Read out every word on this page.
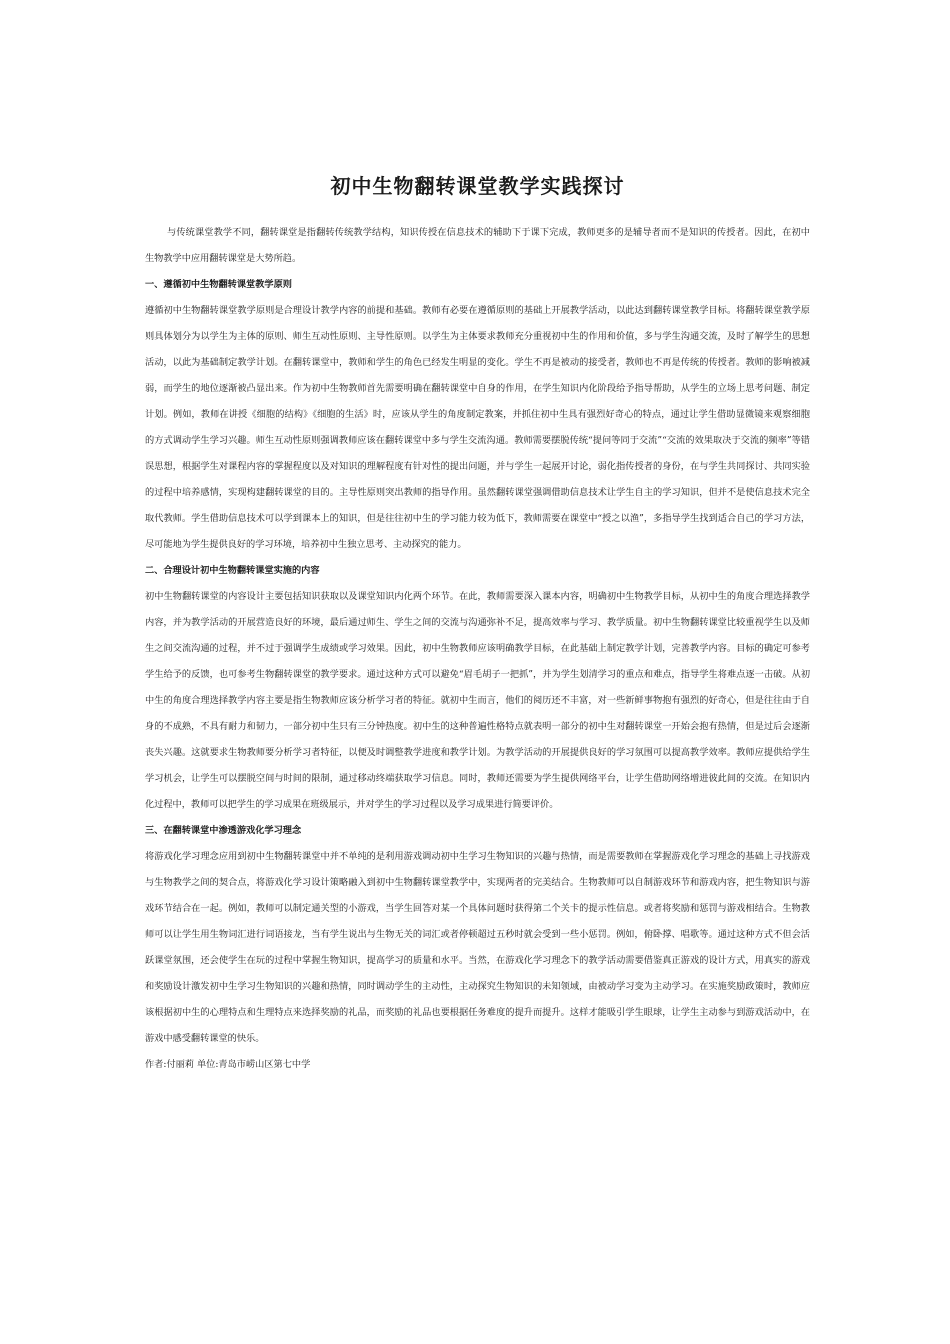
初中生物翻转课堂教学实践探讨

与传统课堂教学不同，翻转课堂是指翻转传统教学结构，知识传授在信息技术的辅助下于课下完成，教师更多的是辅导者而不是知识的传授者。因此，在初中生物教学中应用翻转课堂是大势所趋。

一、遵循初中生物翻转课堂教学原则

遵循初中生物翻转课堂教学原则是合理设计教学内容的前提和基础。教师有必要在遵循原则的基础上开展教学活动，以此达到翻转课堂教学目标。将翻转课堂教学原则具体划分为以学生为主体的原则、师生互动性原则、主导性原则。以学生为主体要求教师充分重视初中生的作用和价值，多与学生沟通交流，及时了解学生的思想活动，以此为基础制定教学计划。在翻转课堂中，教师和学生的角色已经发生明显的变化。学生不再是被动的接受者，教师也不再是传统的传授者。教师的影响被减弱，而学生的地位逐渐被凸显出来。作为初中生物教师首先需要明确在翻转课堂中自身的作用，在学生知识内化阶段给予指导帮助，从学生的立场上思考问题、制定计划。例如，教师在讲授《细胞的结构》《细胞的生活》时，应该从学生的角度制定教案，并抓住初中生具有强烈好奇心的特点，通过让学生借助显微镜来观察细胞的方式调动学生学习兴趣。师生互动性原则强调教师应该在翻转课堂中多与学生交流沟通。教师需要摆脱传统“提问等同于交流”“交流的效果取决于交流的频率”等错误思想，根据学生对课程内容的掌握程度以及对知识的理解程度有针对性的提出问题，并与学生一起展开讨论，弱化指传授者的身份，在与学生共同探讨、共同实验的过程中培养感情，实现构建翻转课堂的目的。主导性原则突出教师的指导作用。虽然翻转课堂强调借助信息技术让学生自主的学习知识，但并不是使信息技术完全取代教师。学生借助信息技术可以学到课本上的知识，但是往往初中生的学习能力较为低下，教师需要在课堂中“授之以渔”，多指导学生找到适合自己的学习方法，尽可能地为学生提供良好的学习环境，培养初中生独立思考、主动探究的能力。

二、合理设计初中生物翻转课堂实施的内容

初中生物翻转课堂的内容设计主要包括知识获取以及课堂知识内化两个环节。在此，教师需要深入课本内容，明确初中生物教学目标，从初中生的角度合理选择教学内容，并为教学活动的开展营造良好的环境，最后通过师生、学生之间的交流与沟通弥补不足，提高效率与学习、教学质量。初中生物翻转课堂比较重视学生以及师生之间交流沟通的过程，并不过于强调学生成绩或学习效果。因此，初中生物教师应该明确教学目标，在此基础上制定教学计划，完善教学内容。目标的确定可参考学生给予的反馈，也可参考生物翻转课堂的教学要求。通过这种方式可以避免“眉毛胡子一把抓”，并为学生划清学习的重点和难点，指导学生将难点逐一击破。从初中生的角度合理选择教学内容主要是指生物教师应该分析学习者的特征。就初中生而言，他们的阅历还不丰富，对一些新鲜事物抱有强烈的好奇心，但是往往由于自身的不成熟，不具有耐力和韧力，一部分初中生只有三分钟热度。初中生的这种普遍性格特点就表明一部分的初中生对翻转课堂一开始会抱有热情，但是过后会逐渐丧失兴趣。这就要求生物教师要分析学习者特征，以便及时调整教学进度和教学计划。为教学活动的开展提供良好的学习氛围可以提高教学效率。教师应提供给学生学习机会，让学生可以摆脱空间与时间的限制，通过移动终端获取学习信息。同时，教师还需要为学生提供网络平台，让学生借助网络增进彼此间的交流。在知识内化过程中，教师可以把学生的学习成果在班级展示，并对学生的学习过程以及学习成果进行简要评价。

三、在翻转课堂中渗透游戏化学习理念

将游戏化学习理念应用到初中生物翻转课堂中并不单纯的是利用游戏调动初中生学习生物知识的兴趣与热情，而是需要教师在掌握游戏化学习理念的基础上寻找游戏与生物教学之间的契合点，将游戏化学习设计策略融入到初中生物翻转课堂教学中，实现两者的完美结合。生物教师可以自制游戏环节和游戏内容，把生物知识与游戏环节结合在一起。例如，教师可以制定通关型的小游戏，当学生回答对某一个具体问题时获得第二个关卡的提示性信息。或者将奖励和惩罚与游戏相结合。生物教师可以让学生用生物词汇进行词语接龙，当有学生说出与生物无关的词汇或者停顿超过五秒时就会受到一些小惩罚。例如，俯卧撑、唱歌等。通过这种方式不但会活跃课堂氛围，还会使学生在玩的过程中掌握生物知识，提高学习的质量和水平。当然，在游戏化学习理念下的教学活动需要借鉴真正游戏的设计方式，用真实的游戏和奖励设计激发初中生学习生物知识的兴趣和热情，同时调动学生的主动性，主动探究生物知识的未知领域，由被动学习变为主动学习。在实施奖励政策时，教师应该根据初中生的心理特点和生理特点来选择奖励的礼品，而奖励的礼品也要根据任务难度的提升而提升。这样才能吸引学生眼球，让学生主动参与到游戏活动中，在游戏中感受翻转课堂的快乐。

作者:付丽莉 单位:青岛市崂山区第七中学
